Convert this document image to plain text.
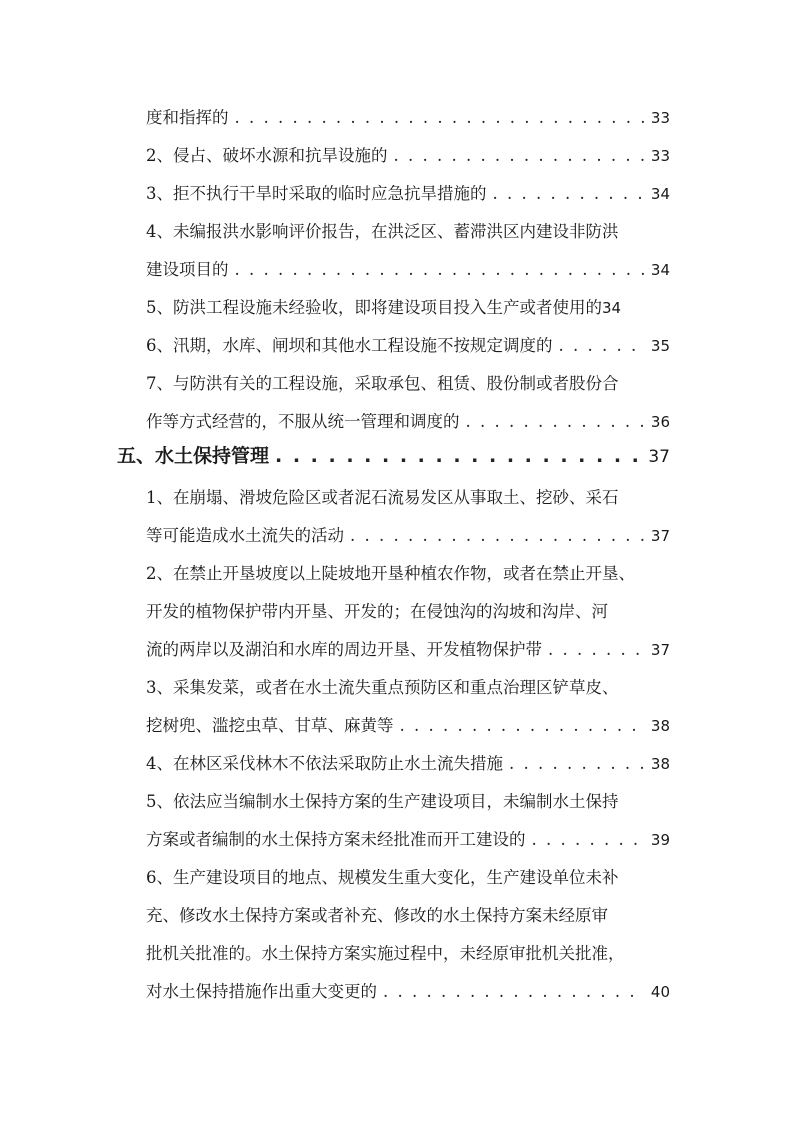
度和指挥的 . . .	33
2、侵占、破坏水源和抗旱设施的 . . .	33
3、拒不执行干旱时采取的临时应急抗旱措施的 . . .	34
4、未编报洪水影响评价报告，在洪泛区、蓄滞洪区内建设非防洪
建设项目的 . . .	34
5、防洪工程设施未经验收，即将建设项目投入生产或者使用的34
6、汛期，水库、闸坝和其他水工程设施不按规定调度的 . . .	35
7、与防洪有关的工程设施，采取承包、租赁、股份制或者股份合
作等方式经营的，不服从统一管理和调度的 . . .	36
五、水土保持管理 . . .	37
1、在崩塌、滑坡危险区或者泥石流易发区从事取土、挖砂、采石
等可能造成水土流失的活动 . . .	37
2、在禁止开垦坡度以上陡坡地开垦种植农作物，或者在禁止开垦、
开发的植物保护带内开垦、开发的；在侵蚀沟的沟坡和沟岸、河
流的两岸以及湖泊和水库的周边开垦、开发植物保护带 . . .	37
3、采集发菜，或者在水土流失重点预防区和重点治理区铲草皮、
挖树兜、滥挖虫草、甘草、麻黄等 . . .	38
4、在林区采伐林木不依法采取防止水土流失措施 . . .	38
5、依法应当编制水土保持方案的生产建设项目，未编制水土保持
方案或者编制的水土保持方案未经批准而开工建设的 . . .	39
6、生产建设项目的地点、规模发生重大变化，生产建设单位未补
充、修改水土保持方案或者补充、修改的水土保持方案未经原审
批机关批准的。水土保持方案实施过程中，未经原审批机关批准，
对水土保持措施作出重大变更的 . . .	40
